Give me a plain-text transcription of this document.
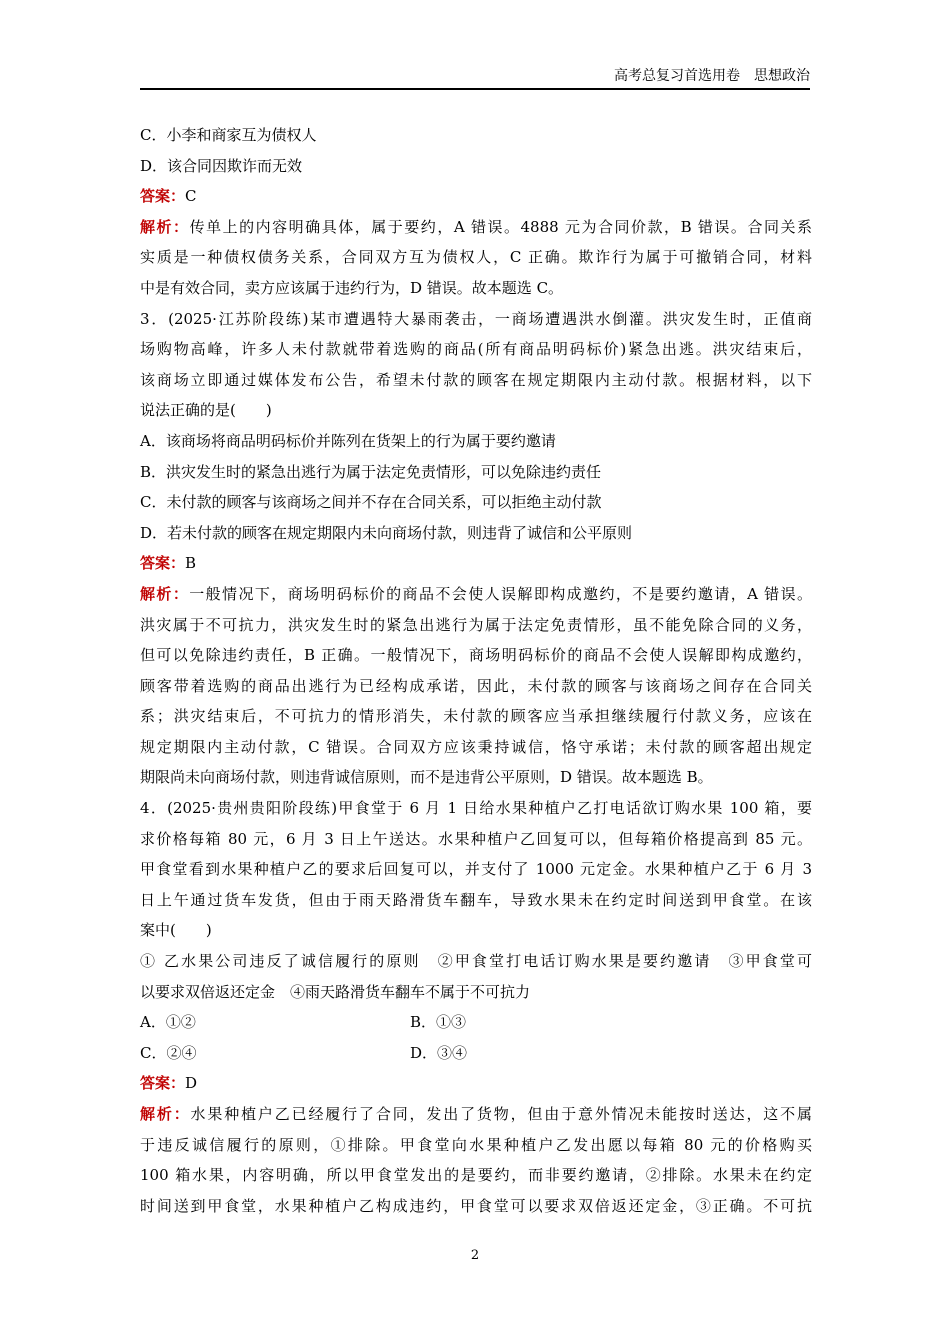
高考总复习首选用卷　思想政治
C．小李和商家互为债权人
D．该合同因欺诈而无效
答案：C
解析：传单上的内容明确具体，属于要约，A 错误。4888 元为合同价款，B 错误。合同关系
实质是一种债权债务关系，合同双方互为债权人，C 正确。欺诈行为属于可撤销合同，材料
中是有效合同，卖方应该属于违约行为，D 错误。故本题选 C。
3．(2025·江苏阶段练)某市遭遇特大暴雨袭击，一商场遭遇洪水倒灌。洪灾发生时，正值商
场购物高峰，许多人未付款就带着选购的商品(所有商品明码标价)紧急出逃。洪灾结束后，
该商场立即通过媒体发布公告，希望未付款的顾客在规定期限内主动付款。根据材料，以下
说法正确的是(　　)
A．该商场将商品明码标价并陈列在货架上的行为属于要约邀请
B．洪灾发生时的紧急出逃行为属于法定免责情形，可以免除违约责任
C．未付款的顾客与该商场之间并不存在合同关系，可以拒绝主动付款
D．若未付款的顾客在规定期限内未向商场付款，则违背了诚信和公平原则
答案：B
解析：一般情况下，商场明码标价的商品不会使人误解即构成邀约，不是要约邀请，A 错误。
洪灾属于不可抗力，洪灾发生时的紧急出逃行为属于法定免责情形，虽不能免除合同的义务，
但可以免除违约责任，B 正确。一般情况下，商场明码标价的商品不会使人误解即构成邀约，
顾客带着选购的商品出逃行为已经构成承诺，因此，未付款的顾客与该商场之间存在合同关
系；洪灾结束后，不可抗力的情形消失，未付款的顾客应当承担继续履行付款义务，应该在
规定期限内主动付款，C 错误。合同双方应该秉持诚信，恪守承诺；未付款的顾客超出规定
期限尚未向商场付款，则违背诚信原则，而不是违背公平原则，D 错误。故本题选 B。
4．(2025·贵州贵阳阶段练)甲食堂于 6 月 1 日给水果种植户乙打电话欲订购水果 100 箱，要
求价格每箱 80 元，6 月 3 日上午送达。水果种植户乙回复可以，但每箱价格提高到 85 元。
甲食堂看到水果种植户乙的要求后回复可以，并支付了 1000 元定金。水果种植户乙于 6 月 3
日上午通过货车发货，但由于雨天路滑货车翻车，导致水果未在约定时间送到甲食堂。在该
案中(　　)
① 乙水果公司违反了诚信履行的原则　②甲食堂打电话订购水果是要约邀请　③甲食堂可
以要求双倍返还定金　④雨天路滑货车翻车不属于不可抗力
A．①②	B．①③
C．②④	D．③④
答案：D
解析：水果种植户乙已经履行了合同，发出了货物，但由于意外情况未能按时送达，这不属
于违反诚信履行的原则，①排除。甲食堂向水果种植户乙发出愿以每箱 80 元的价格购买
100 箱水果，内容明确，所以甲食堂发出的是要约，而非要约邀请，②排除。水果未在约定
时间送到甲食堂，水果种植户乙构成违约，甲食堂可以要求双倍返还定金，③正确。不可抗
2
